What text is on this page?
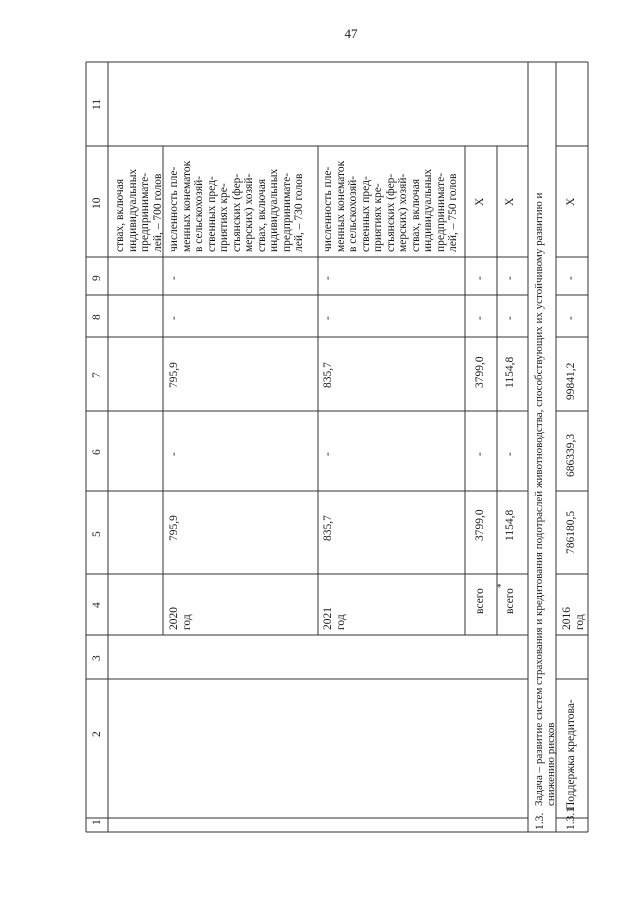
47
1
2
3
4
5
6
7
8
9
10
11
ствах, включая индивидуальных предпринимате- лей, – 700 голов
2020 год
795,9
-
795,9
-
-
численность пле- менных конематок в сельскохозяй- ственных пред- приятиях кре- стьянских (фер- мерских) хозяй- ствах, включая индивидуальных предпринимате- лей, – 730 голов
2021 год
835,7
-
835,7
-
-
численность пле- менных конематок в сельскохозяй- ственных пред- приятиях кре- стьянских (фер- мерских) хозяй- ствах, включая индивидуальных предпринимате- лей, – 750 голов
всего
3799,0
-
3799,0
-
-
Х
всего
*
1154,8
-
1154,8
-
-
Х
1.3.
Задача – развитие систем страхования и кредитования подотраслей животноводства, способствующих их устойчивому развитию и снижению рисков
1.3.1
Поддержка кредитова-
2016 год
786180,5
686339,3
99841,2
-
-
Х
